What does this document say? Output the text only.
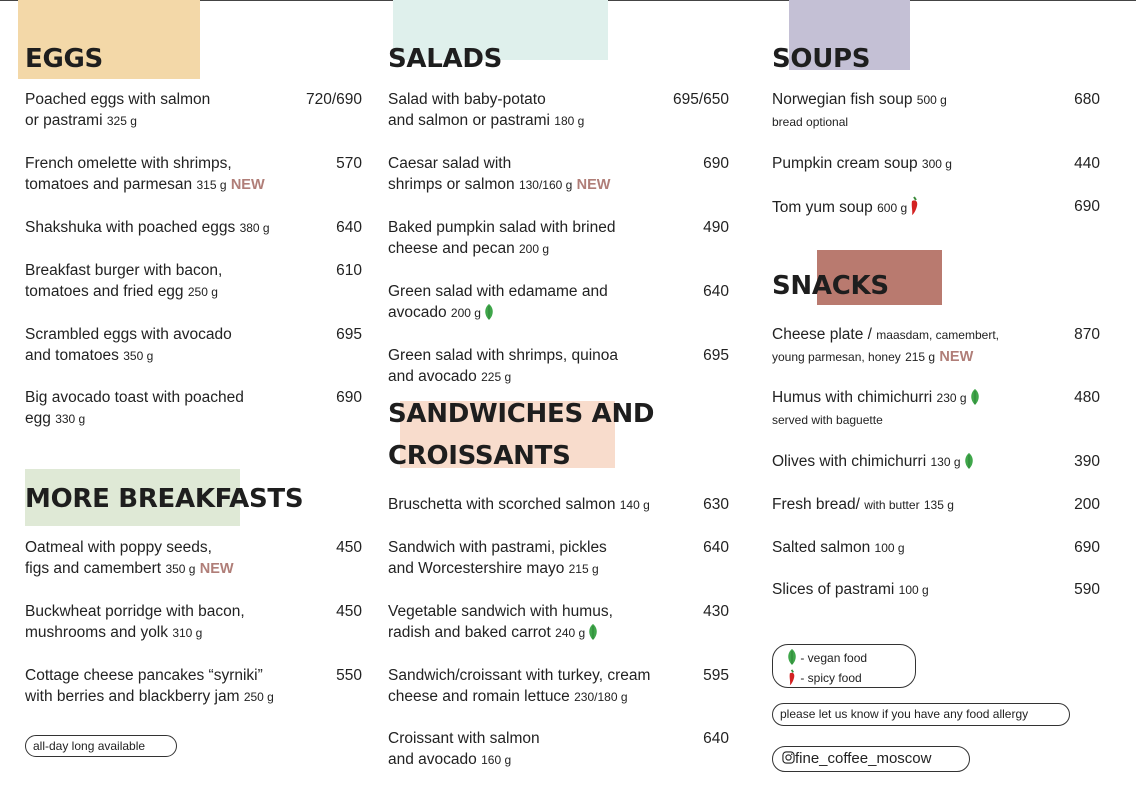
EGGS	SALADS	SOUPS
SNACKS
MORE BREAKFASTS
SANDWICHES AND
CROISSANTS
Poached eggs with salmon
or pastrami 325 g
720/690
French omelette with shrimps,
tomatoes and parmesan 315 g NEW
570
Shakshuka with poached eggs 380 g	640
Breakfast burger with bacon,
tomatoes and fried egg 250 g
610
Scrambled eggs with avocado
and tomatoes 350 g
695
Big avocado toast with poached
egg 330 g
690
Oatmeal with poppy seeds,
figs and camembert 350 g NEW
450
Buckwheat porridge with bacon,
mushrooms and yolk 310 g
450
Cottage cheese pancakes “syrniki”
with berries and blackberry jam 250 g
550
all-day long available
Salad with baby-potato
and salmon or pastrami 180 g
695/650
Caesar salad with
shrimps or salmon 130/160 g NEW
690
Baked pumpkin salad with brined
cheese and pecan 200 g
490
Green salad with edamame and
avocado 200 g
640
Green salad with shrimps, quinoa
and avocado 225 g
695
Bruschetta with scorched salmon 140 g	630
Sandwich with pastrami, pickles
and Worcestershire mayo 215 g
640
Vegetable sandwich with humus,
radish and baked carrot 240 g
430
Sandwich/croissant with turkey, cream
cheese and romain lettuce 230/180 g
595
Croissant with salmon
and avocado 160 g
640
Norwegian fish soup 500 g
bread optional
680
Pumpkin cream soup 300 g	440
Tom yum soup 600 g	690
Cheese plate / maasdam, camembert,
young parmesan, honey 215 g NEW
870
Humus with chimichurri 230 g
served with baguette
480
Olives with chimichurri 130 g	390
Fresh bread/ with butter 135 g	200
Salted salmon 100 g	690
Slices of pastrami 100 g	590
- vegan food
- spicy food
please let us know if you have any food allergy
fine_coffee_moscow
